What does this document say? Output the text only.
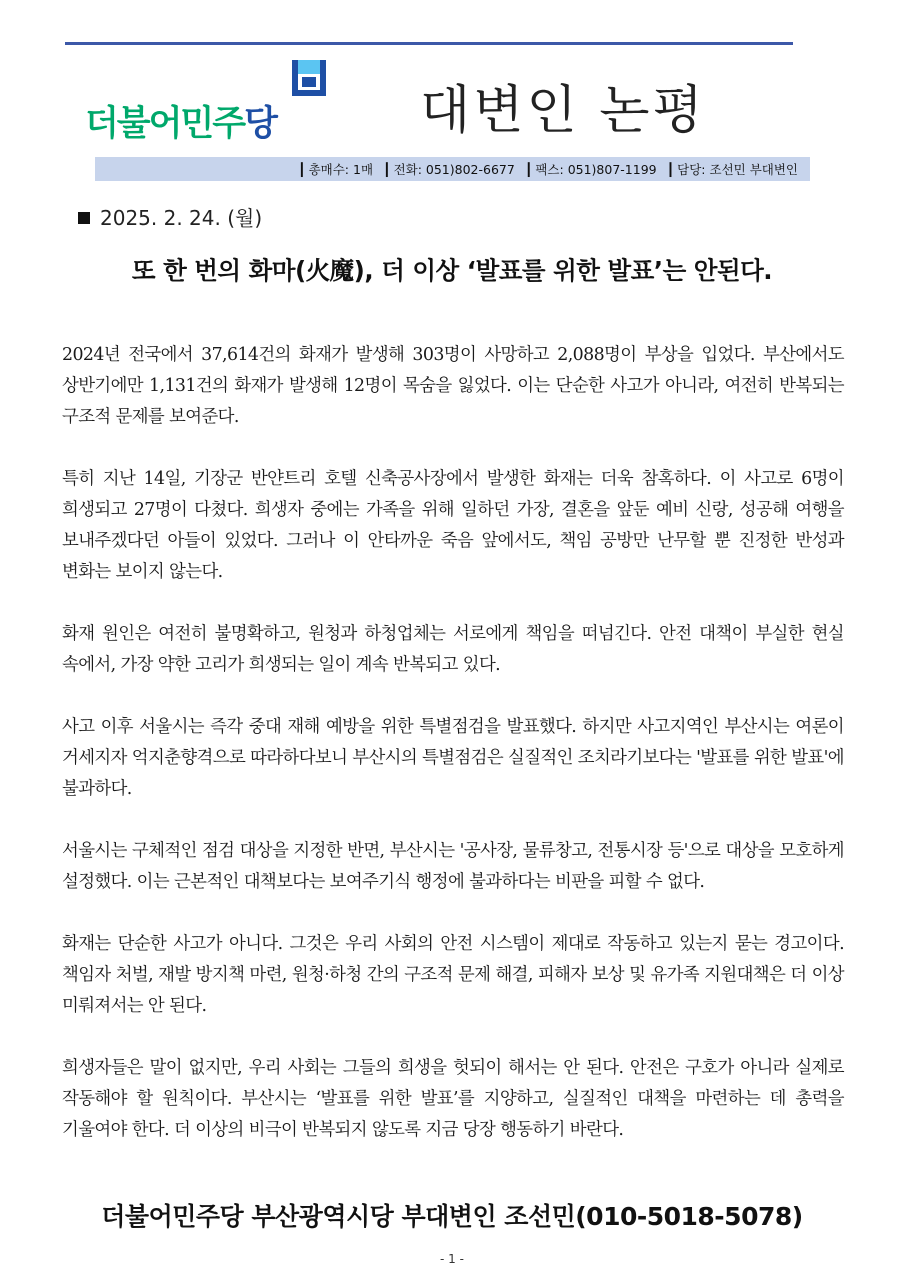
더불어민주당	대변인 논평
┃ 총매수: 1매	┃ 전화: 051)802-6677	┃ 팩스: 051)807-1199	┃ 담당: 조선민 부대변인
2025. 2. 24. (월)
또 한 번의 화마(火魔), 더 이상 ‘발표를 위한 발표’는 안된다.

2024년 전국에서 37,614건의 화재가 발생해 303명이 사망하고 2,088명이 부상을 입었다. 부산에서도 상반기에만 1,131건의 화재가 발생해 12명이 목숨을 잃었다. 이는 단순한 사고가 아니라, 여전히 반복되는 구조적 문제를 보여준다.

특히 지난 14일, 기장군 반얀트리 호텔 신축공사장에서 발생한 화재는 더욱 참혹하다. 이 사고로 6명이 희생되고 27명이 다쳤다. 희생자 중에는 가족을 위해 일하던 가장, 결혼을 앞둔 예비 신랑, 성공해 여행을 보내주겠다던 아들이 있었다. 그러나 이 안타까운 죽음 앞에서도, 책임 공방만 난무할 뿐 진정한 반성과 변화는 보이지 않는다.

화재 원인은 여전히 불명확하고, 원청과 하청업체는 서로에게 책임을 떠넘긴다. 안전 대책이 부실한 현실 속에서, 가장 약한 고리가 희생되는 일이 계속 반복되고 있다.

사고 이후 서울시는 즉각 중대 재해 예방을 위한 특별점검을 발표했다. 하지만 사고지역인 부산시는 여론이 거세지자 억지춘향격으로 따라하다보니 부산시의 특별점검은 실질적인 조치라기보다는 '발표를 위한 발표'에 불과하다.

서울시는 구체적인 점검 대상을 지정한 반면, 부산시는 '공사장, 물류창고, 전통시장 등'으로 대상을 모호하게 설정했다. 이는 근본적인 대책보다는 보여주기식 행정에 불과하다는 비판을 피할 수 없다.

화재는 단순한 사고가 아니다. 그것은 우리 사회의 안전 시스템이 제대로 작동하고 있는지 묻는 경고이다. 책임자 처벌, 재발 방지책 마련, 원청·하청 간의 구조적 문제 해결, 피해자 보상 및 유가족 지원대책은 더 이상 미뤄져서는 안 된다.

희생자들은 말이 없지만, 우리 사회는 그들의 희생을 헛되이 해서는 안 된다. 안전은 구호가 아니라 실제로 작동해야 할 원칙이다. 부산시는 ‘발표를 위한 발표’를 지양하고, 실질적인 대책을 마련하는 데 총력을 기울여야 한다. 더 이상의 비극이 반복되지 않도록 지금 당장 행동하기 바란다.

더불어민주당 부산광역시당 부대변인 조선민(010-5018-5078)
- 1 -
